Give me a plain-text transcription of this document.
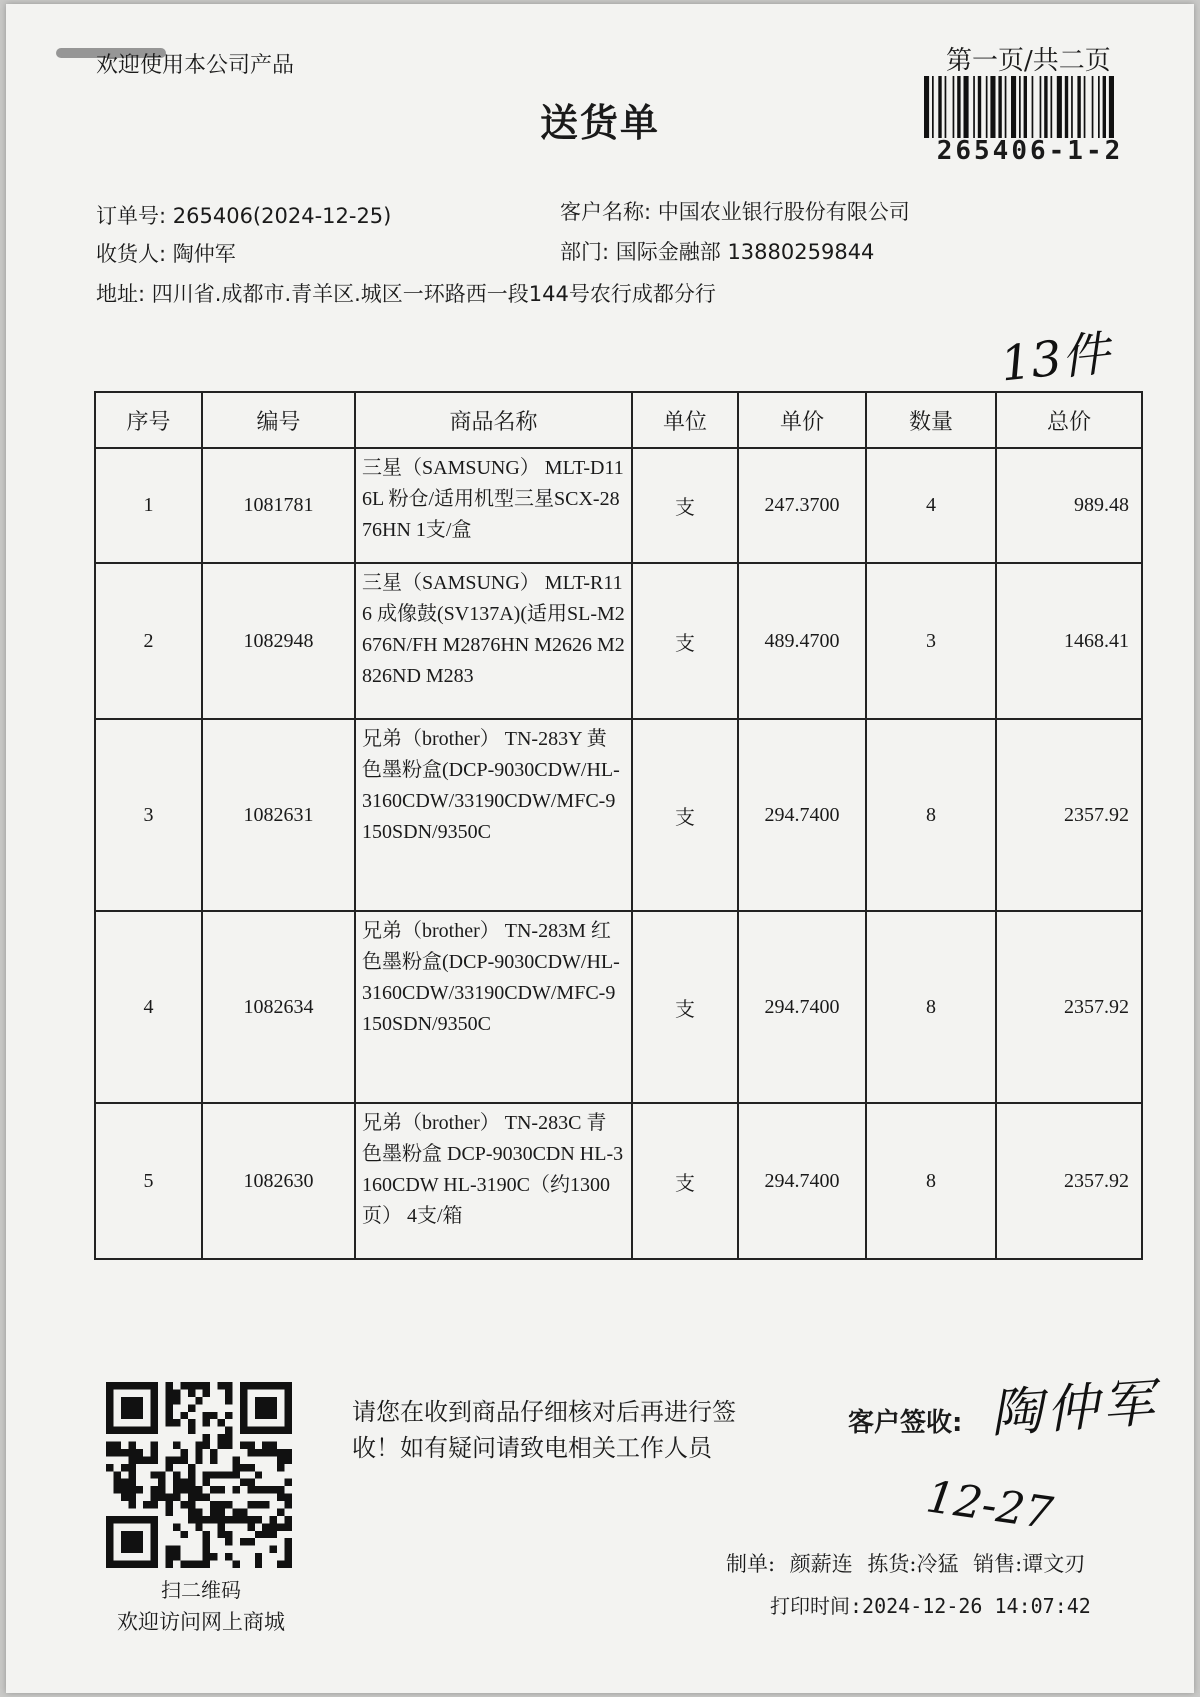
欢迎使用本公司产品
送货单
第一页/共二页
265406-1-2
订单号: 265406(2024-12-25)
收货人: 陶仲军
地址: 四川省.成都市.青羊区.城区一环路西一段144号农行成都分行
客户名称: 中国农业银行股份有限公司
部门: 国际金融部 13880259844
13件
序号	编号	商品名称	单位	单价	数量	总价
1	1081781	三星（SAMSUNG） MLT-D116L 粉仓/适用机型三星SCX-2876HN 1支/盒	支	247.3700	4	989.48
2	1082948	三星（SAMSUNG） MLT-R116 成像鼓(SV137A)(适用SL-M2676N/FH M2876HN M2626 M2826ND M283	支	489.4700	3	1468.41
3	1082631	兄弟（brother） TN-283Y 黄色墨粉盒(DCP-9030CDW/HL-3160CDW/33190CDW/MFC-9150SDN/9350C	支	294.7400	8	2357.92
4	1082634	兄弟（brother） TN-283M 红色墨粉盒(DCP-9030CDW/HL-3160CDW/33190CDW/MFC-9150SDN/9350C	支	294.7400	8	2357.92
5	1082630	兄弟（brother） TN-283C 青色墨粉盒 DCP-9030CDN HL-3160CDW HL-3190C（约1300页） 4支/箱	支	294.7400	8	2357.92
扫二维码
欢迎访问网上商城
请您在收到商品仔细核对后再进行签收！如有疑问请致电相关工作人员
客户签收: 陶仲军
12-27
制单: 颜薪连 拣货:冷猛 销售:谭文刃
打印时间:2024-12-26 14:07:42
